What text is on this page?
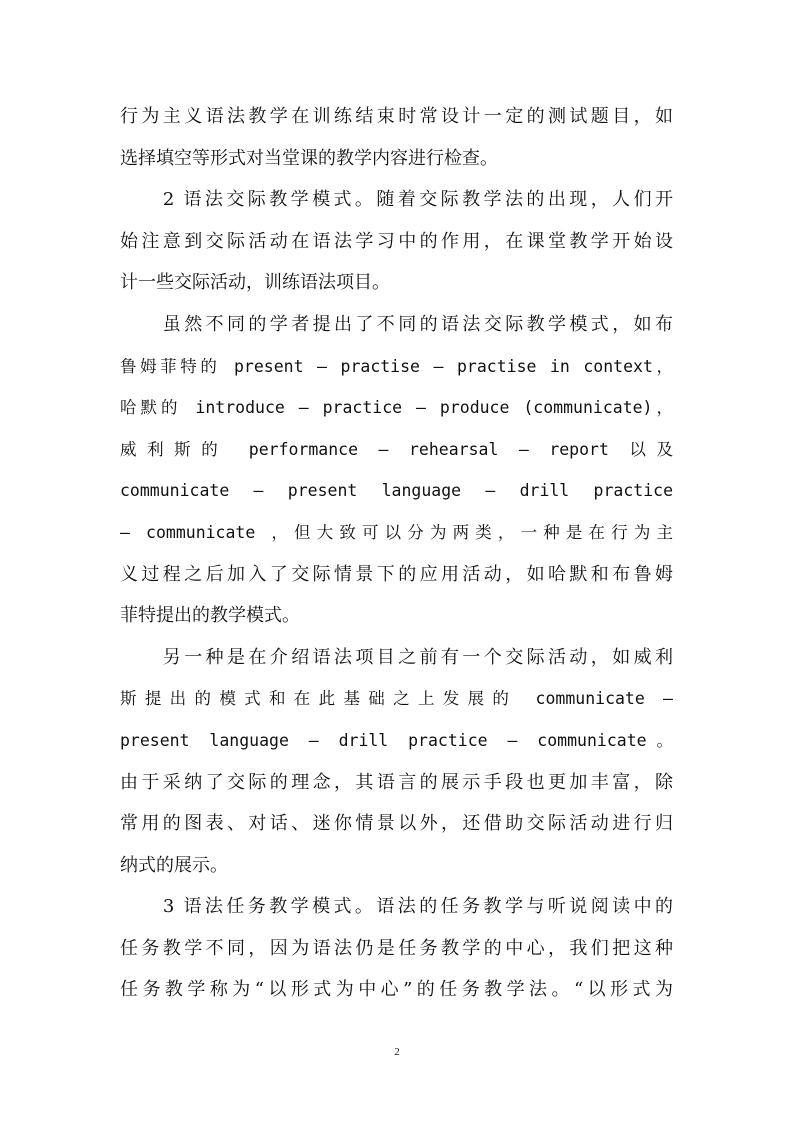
行为主义语法教学在训练结束时常设计一定的测试题目，如
选择填空等形式对当堂课的教学内容进行检查。
　　2 语法交际教学模式。随着交际教学法的出现，人们开
始注意到交际活动在语法学习中的作用，在课堂教学开始设
计一些交际活动，训练语法项目。
　　虽然不同的学者提出了不同的语法交际教学模式，如布
鲁姆菲特的 present – practise – practise in context，
哈默的 introduce – practice – produce (communicate)，
威利斯的 performance – rehearsal – report 以及
communicate – present language – drill practice
– communicate ，但大致可以分为两类，一种是在行为主
义过程之后加入了交际情景下的应用活动，如哈默和布鲁姆
菲特提出的教学模式。
　　另一种是在介绍语法项目之前有一个交际活动，如威利
斯提出的模式和在此基础之上发展的 communicate –
present language – drill practice – communicate。
由于采纳了交际的理念，其语言的展示手段也更加丰富，除
常用的图表、对话、迷你情景以外，还借助交际活动进行归
纳式的展示。
　　3 语法任务教学模式。语法的任务教学与听说阅读中的
任务教学不同，因为语法仍是任务教学的中心，我们把这种
任务教学称为“以形式为中心”的任务教学法。“以形式为
2
